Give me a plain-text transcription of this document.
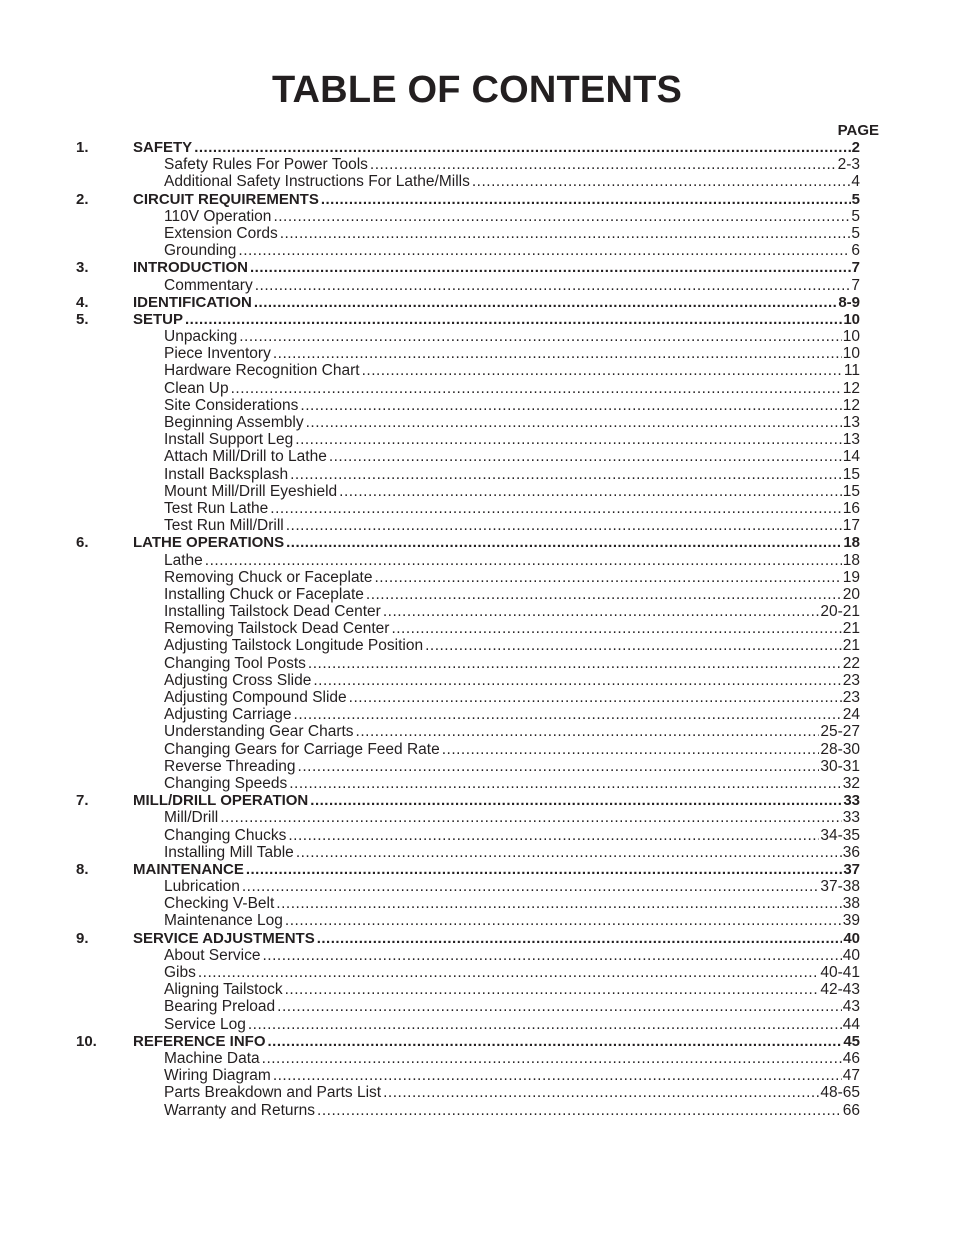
TABLE OF CONTENTS
PAGE
1.	SAFETY .....	2
Safety Rules For Power Tools .....	2-3
Additional Safety Instructions For Lathe/Mills .....	4
2.	CIRCUIT REQUIREMENTS .....	5
110V Operation .....	5
Extension Cords .....	5
Grounding .....	6
3.	INTRODUCTION .....	7
Commentary .....	7
4.	IDENTIFICATION .....	8-9
5.	SETUP .....	10
Unpacking .....	10
Piece Inventory .....	10
Hardware Recognition Chart .....	11
Clean Up .....	12
Site Considerations .....	12
Beginning Assembly .....	13
Install Support Leg .....	13
Attach Mill/Drill to Lathe .....	14
Install Backsplash .....	15
Mount Mill/Drill Eyeshield .....	15
Test Run Lathe .....	16
Test Run Mill/Drill .....	17
6.	LATHE OPERATIONS .....	18
Lathe .....	18
Removing Chuck or Faceplate .....	19
Installing Chuck or Faceplate .....	20
Installing Tailstock Dead Center .....	20-21
Removing Tailstock Dead Center .....	21
Adjusting Tailstock Longitude Position .....	21
Changing Tool Posts .....	22
Adjusting Cross Slide .....	23
Adjusting Compound Slide .....	23
Adjusting Carriage .....	24
Understanding Gear Charts .....	25-27
Changing Gears for Carriage Feed Rate .....	28-30
Reverse Threading .....	30-31
Changing Speeds .....	32
7.	MILL/DRILL OPERATION .....	33
Mill/Drill .....	33
Changing Chucks .....	34-35
Installing Mill Table .....	36
8.	MAINTENANCE .....	37
Lubrication .....	37-38
Checking V-Belt .....	38
Maintenance Log .....	39
9.	SERVICE ADJUSTMENTS .....	40
About Service .....	40
Gibs .....	40-41
Aligning Tailstock .....	42-43
Bearing Preload .....	43
Service Log .....	44
10. REFERENCE INFO .....	45
Machine Data .....	46
Wiring Diagram .....	47
Parts Breakdown and Parts List .....	48-65
Warranty and Returns .....	66
